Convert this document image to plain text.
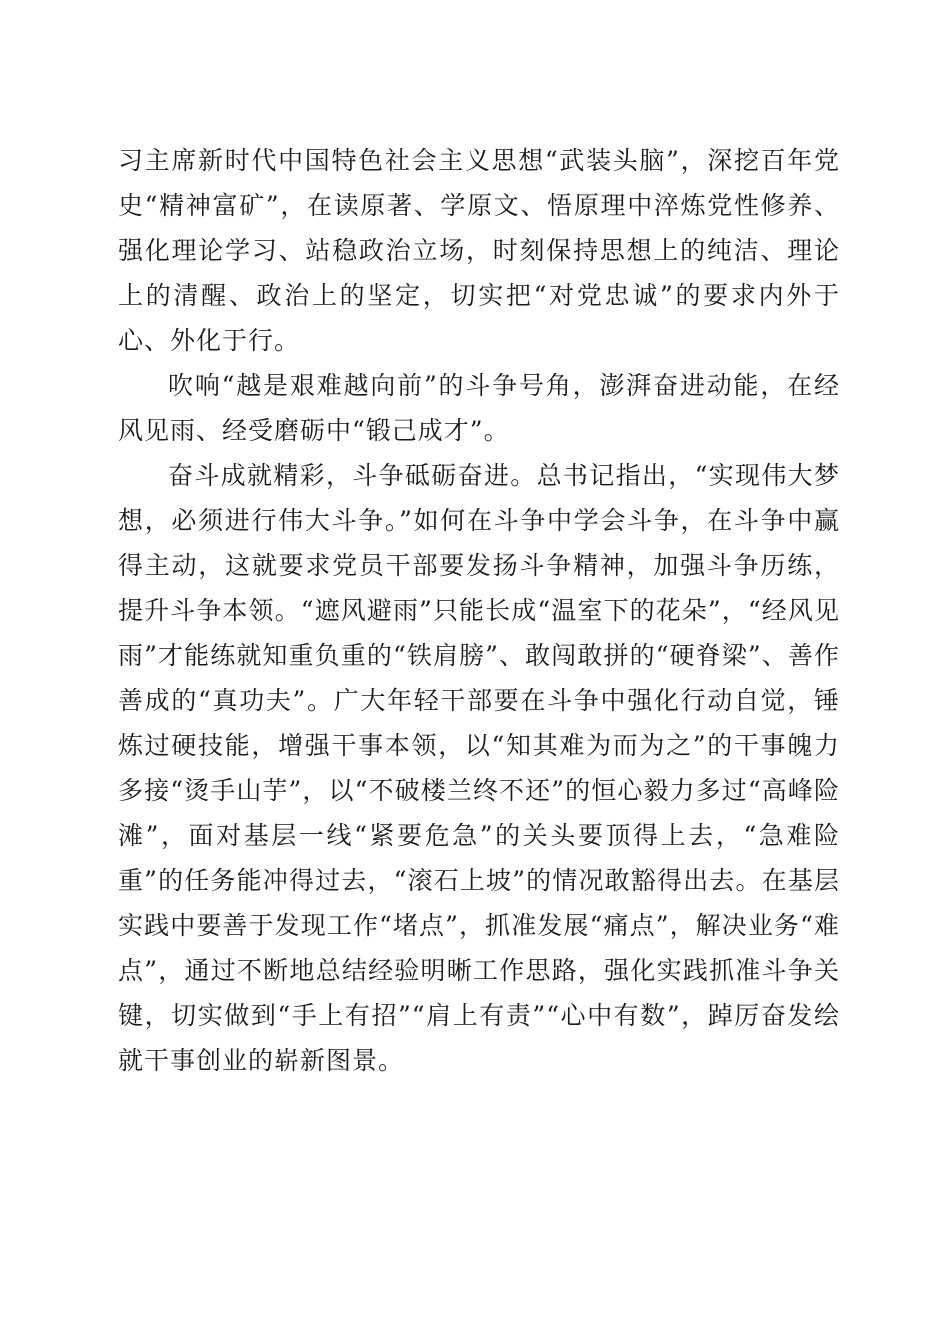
习主席新时代中国特色社会主义思想“武装头脑”，深挖百年党史“精神富矿”，在读原著、学原文、悟原理中淬炼党性修养、强化理论学习、站稳政治立场，时刻保持思想上的纯洁、理论上的清醒、政治上的坚定，切实把“对党忠诚”的要求内外于心、外化于行。

吹响“越是艰难越向前”的斗争号角，澎湃奋进动能，在经风见雨、经受磨砺中“锻己成才”。

奋斗成就精彩，斗争砥砺奋进。总书记指出，“实现伟大梦想，必须进行伟大斗争。”如何在斗争中学会斗争，在斗争中赢得主动，这就要求党员干部要发扬斗争精神，加强斗争历练，提升斗争本领。“遮风避雨”只能长成“温室下的花朵”，“经风见雨”才能练就知重负重的“铁肩膀”、敢闯敢拼的“硬脊梁”、善作善成的“真功夫”。广大年轻干部要在斗争中强化行动自觉，锤炼过硬技能，增强干事本领，以“知其难为而为之”的干事魄力多接“烫手山芋”，以“不破楼兰终不还”的恒心毅力多过“高峰险滩”，面对基层一线“紧要危急”的关头要顶得上去，“急难险重”的任务能冲得过去，“滚石上坡”的情况敢豁得出去。在基层实践中要善于发现工作“堵点”，抓准发展“痛点”，解决业务“难点”，通过不断地总结经验明晰工作思路，强化实践抓准斗争关键，切实做到“手上有招”“肩上有责”“心中有数”，踔厉奋发绘就干事创业的崭新图景。
